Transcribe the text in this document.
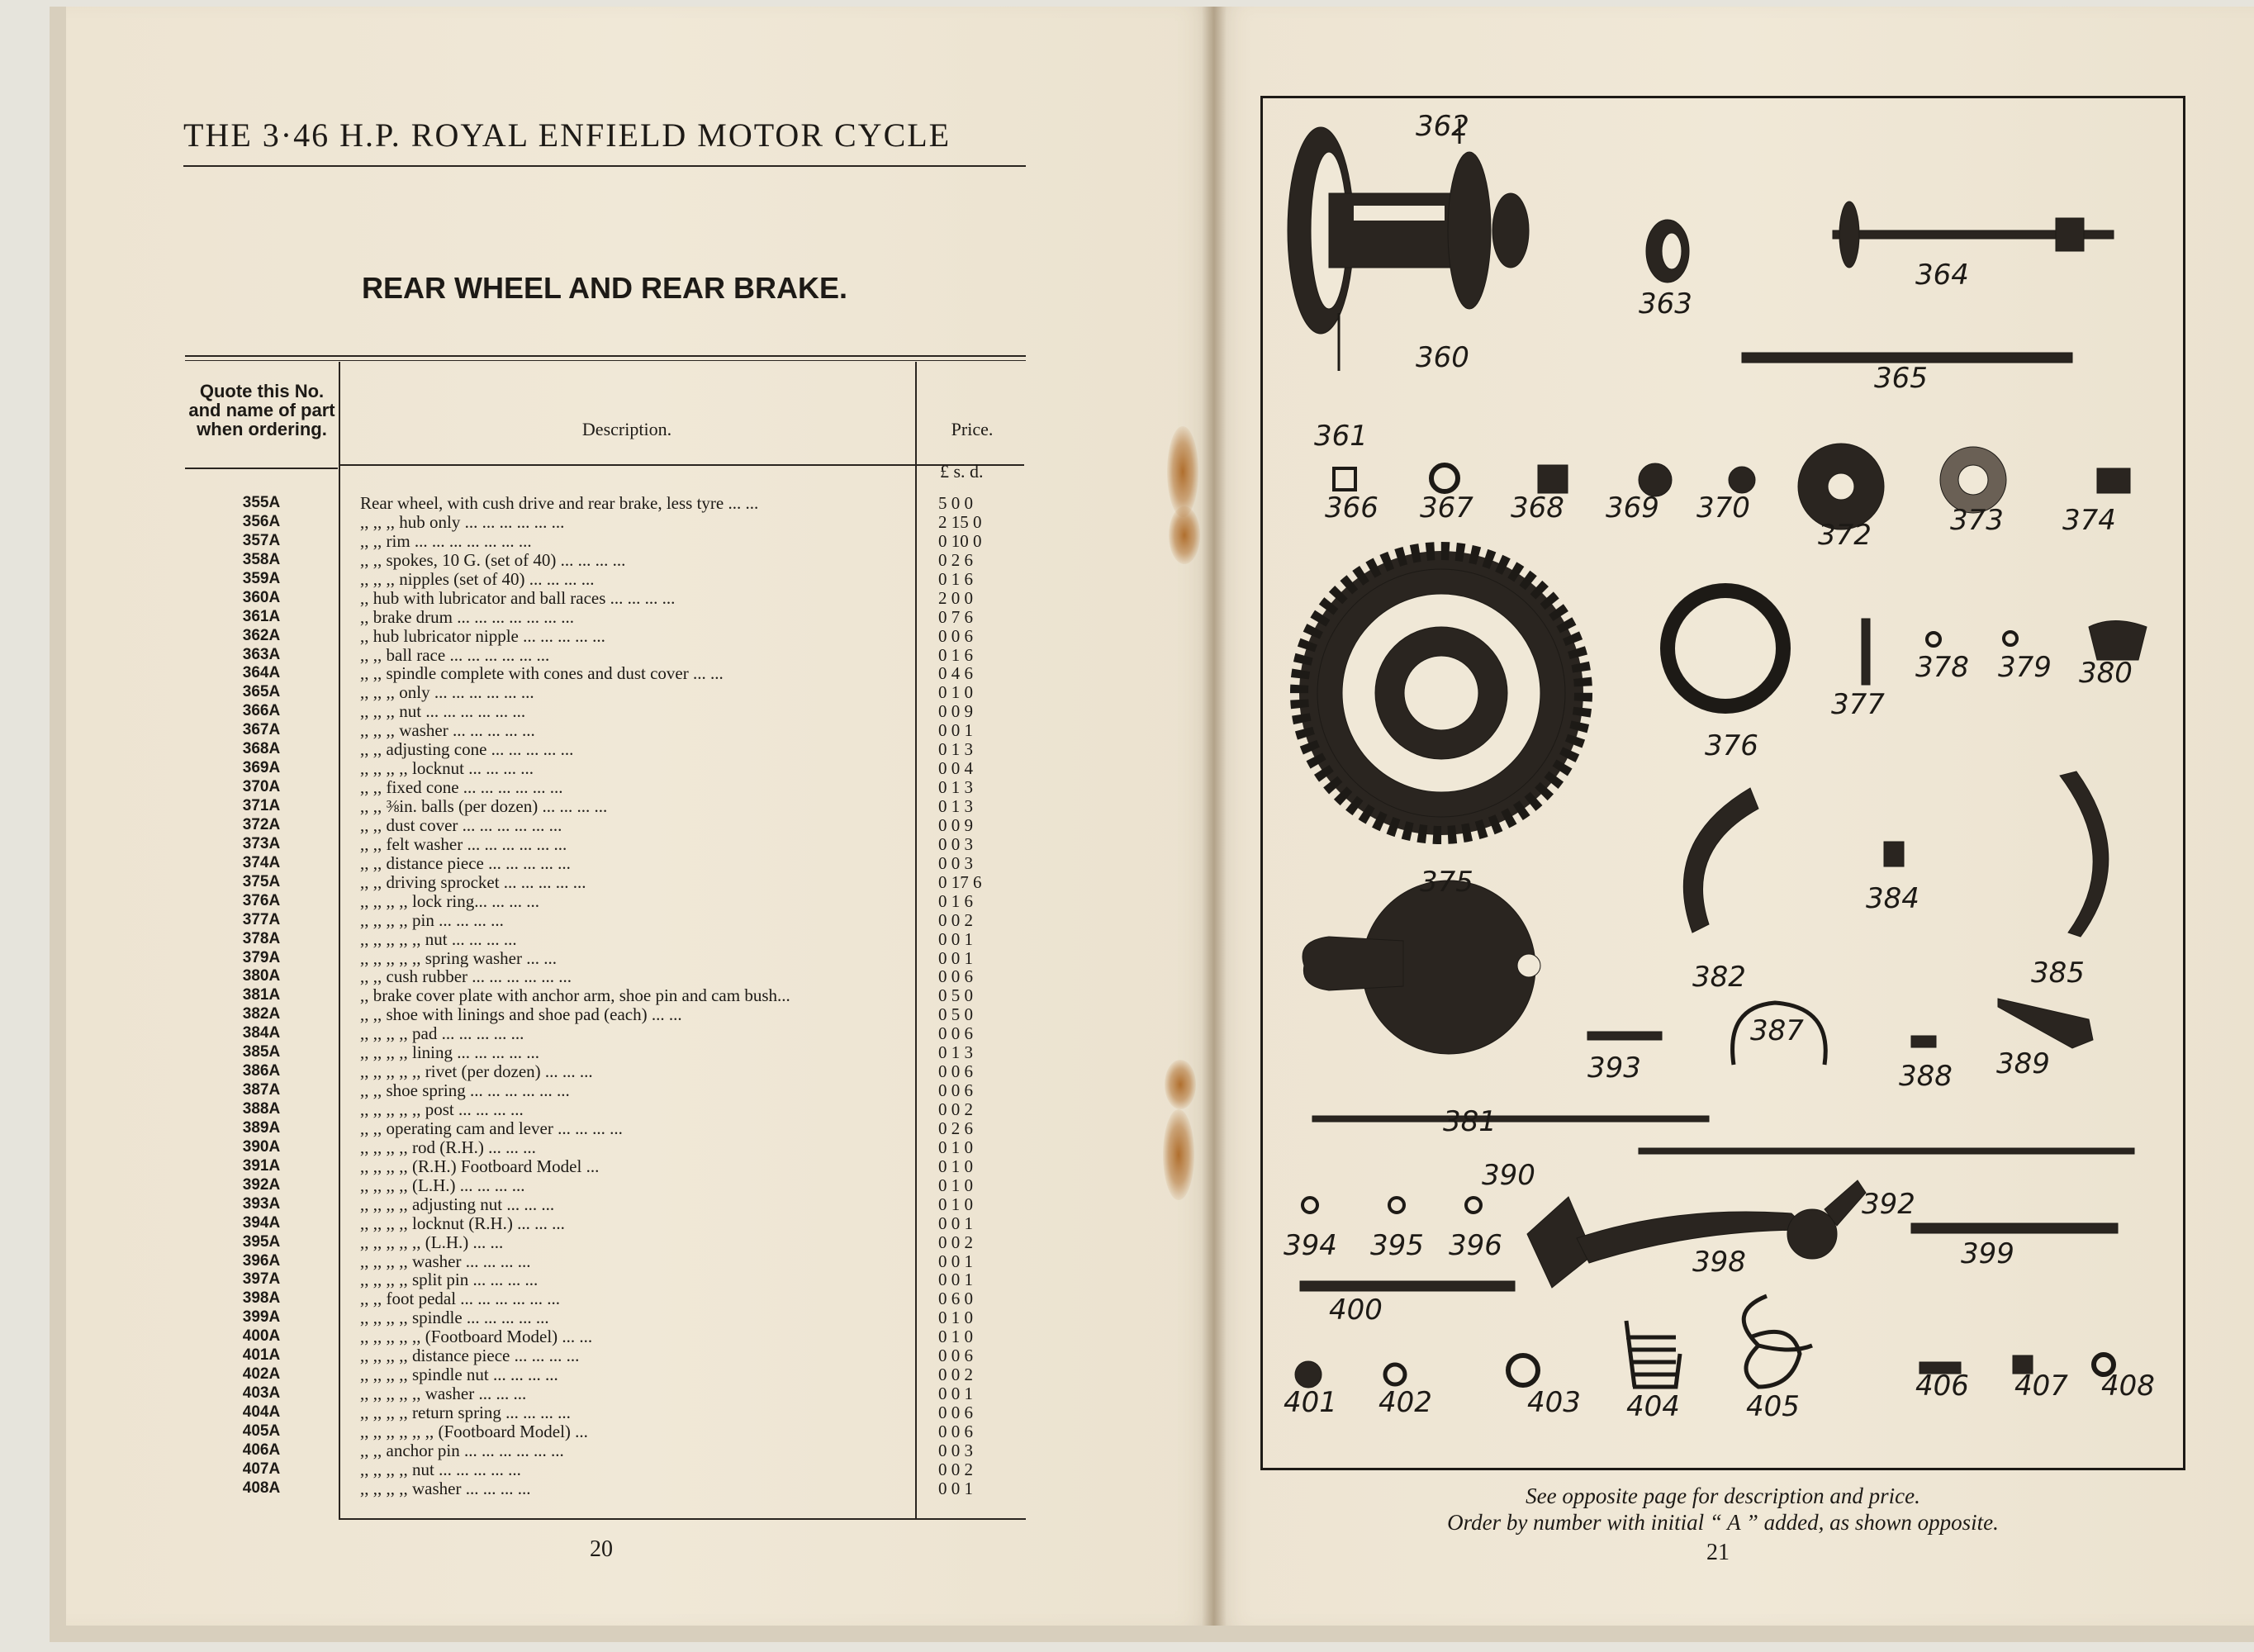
THE 3·46 H.P. ROYAL ENFIELD MOTOR CYCLE
REAR WHEEL AND REAR BRAKE.
Quote this No. and name of part when ordering.	Description.	Price.
£ s. d.
355A	Rear wheel, with cush drive and rear brake, less tyre ... ...	5 0 0
356A	,, ,, ,, hub only ... ... ... ... ... ...	2 15 0
357A	,, ,, rim ... ... ... ... ... ... ...	0 10 0
358A	,, ,, spokes, 10 G. (set of 40) ... ... ... ...	0 2 6
359A	,, ,, ,, nipples (set of 40) ... ... ... ...	0 1 6
360A	,, hub with lubricator and ball races ... ... ... ...	2 0 0
361A	,, brake drum ... ... ... ... ... ... ...	0 7 6
362A	,, hub lubricator nipple ... ... ... ... ...	0 0 6
363A	,, ,, ball race ... ... ... ... ... ...	0 1 6
364A	,, ,, spindle complete with cones and dust cover ... ...	0 4 6
365A	,, ,, ,, only ... ... ... ... ... ...	0 1 0
366A	,, ,, ,, nut ... ... ... ... ... ...	0 0 9
367A	,, ,, ,, washer ... ... ... ... ...	0 0 1
368A	,, ,, adjusting cone ... ... ... ... ...	0 1 3
369A	,, ,, ,, ,, locknut ... ... ... ...	0 0 4
370A	,, ,, fixed cone ... ... ... ... ... ...	0 1 3
371A	,, ,, ⅜in. balls (per dozen) ... ... ... ...	0 1 3
372A	,, ,, dust cover ... ... ... ... ... ...	0 0 9
373A	,, ,, felt washer ... ... ... ... ... ...	0 0 3
374A	,, ,, distance piece ... ... ... ... ...	0 0 3
375A	,, ,, driving sprocket ... ... ... ... ...	0 17 6
376A	,, ,, ,, ,, lock ring... ... ... ...	0 1 6
377A	,, ,, ,, ,, pin ... ... ... ...	0 0 2
378A	,, ,, ,, ,, ,, nut ... ... ... ...	0 0 1
379A	,, ,, ,, ,, ,, spring washer ... ...	0 0 1
380A	,, ,, cush rubber ... ... ... ... ... ...	0 0 6
381A	,, brake cover plate with anchor arm, shoe pin and cam bush...	0 5 0
382A	,, ,, shoe with linings and shoe pad (each) ... ...	0 5 0
384A	,, ,, ,, ,, pad ... ... ... ... ...	0 0 6
385A	,, ,, ,, ,, lining ... ... ... ... ...	0 1 3
386A	,, ,, ,, ,, ,, rivet (per dozen) ... ... ...	0 0 6
387A	,, ,, shoe spring ... ... ... ... ... ...	0 0 6
388A	,, ,, ,, ,, ,, post ... ... ... ...	0 0 2
389A	,, ,, operating cam and lever ... ... ... ...	0 2 6
390A	,, ,, ,, ,, rod (R.H.) ... ... ...	0 1 0
391A	,, ,, ,, ,, (R.H.) Footboard Model ...	0 1 0
392A	,, ,, ,, ,, (L.H.) ... ... ... ...	0 1 0
393A	,, ,, ,, ,, adjusting nut ... ... ...	0 1 0
394A	,, ,, ,, ,, locknut (R.H.) ... ... ...	0 0 1
395A	,, ,, ,, ,, ,, (L.H.) ... ...	0 0 2
396A	,, ,, ,, ,, washer ... ... ... ...	0 0 1
397A	,, ,, ,, ,, split pin ... ... ... ...	0 0 1
398A	,, ,, foot pedal ... ... ... ... ... ...	0 6 0
399A	,, ,, ,, ,, spindle ... ... ... ... ...	0 1 0
400A	,, ,, ,, ,, ,, (Footboard Model) ... ...	0 1 0
401A	,, ,, ,, ,, distance piece ... ... ... ...	0 0 6
402A	,, ,, ,, ,, spindle nut ... ... ... ...	0 0 2
403A	,, ,, ,, ,, ,, washer ... ... ...	0 0 1
404A	,, ,, ,, ,, return spring ... ... ... ...	0 0 6
405A	,, ,, ,, ,, ,, ,, (Footboard Model) ...	0 0 6
406A	,, ,, anchor pin ... ... ... ... ... ...	0 0 3
407A	,, ,, ,, ,, nut ... ... ... ... ...	0 0 2
408A	,, ,, ,, ,, washer ... ... ... ...	0 0 1
20
362
363
364
360
365
361
366 367 368 369 370
372	373 374
375
376
377
378 379 380
382
384
385
381
393
387
388 389
390
392
394 395 396	398	399
400
401 402	403 404 405
406 407 408
See opposite page for description and price.
Order by number with initial “ A ” added, as shown opposite.
21
